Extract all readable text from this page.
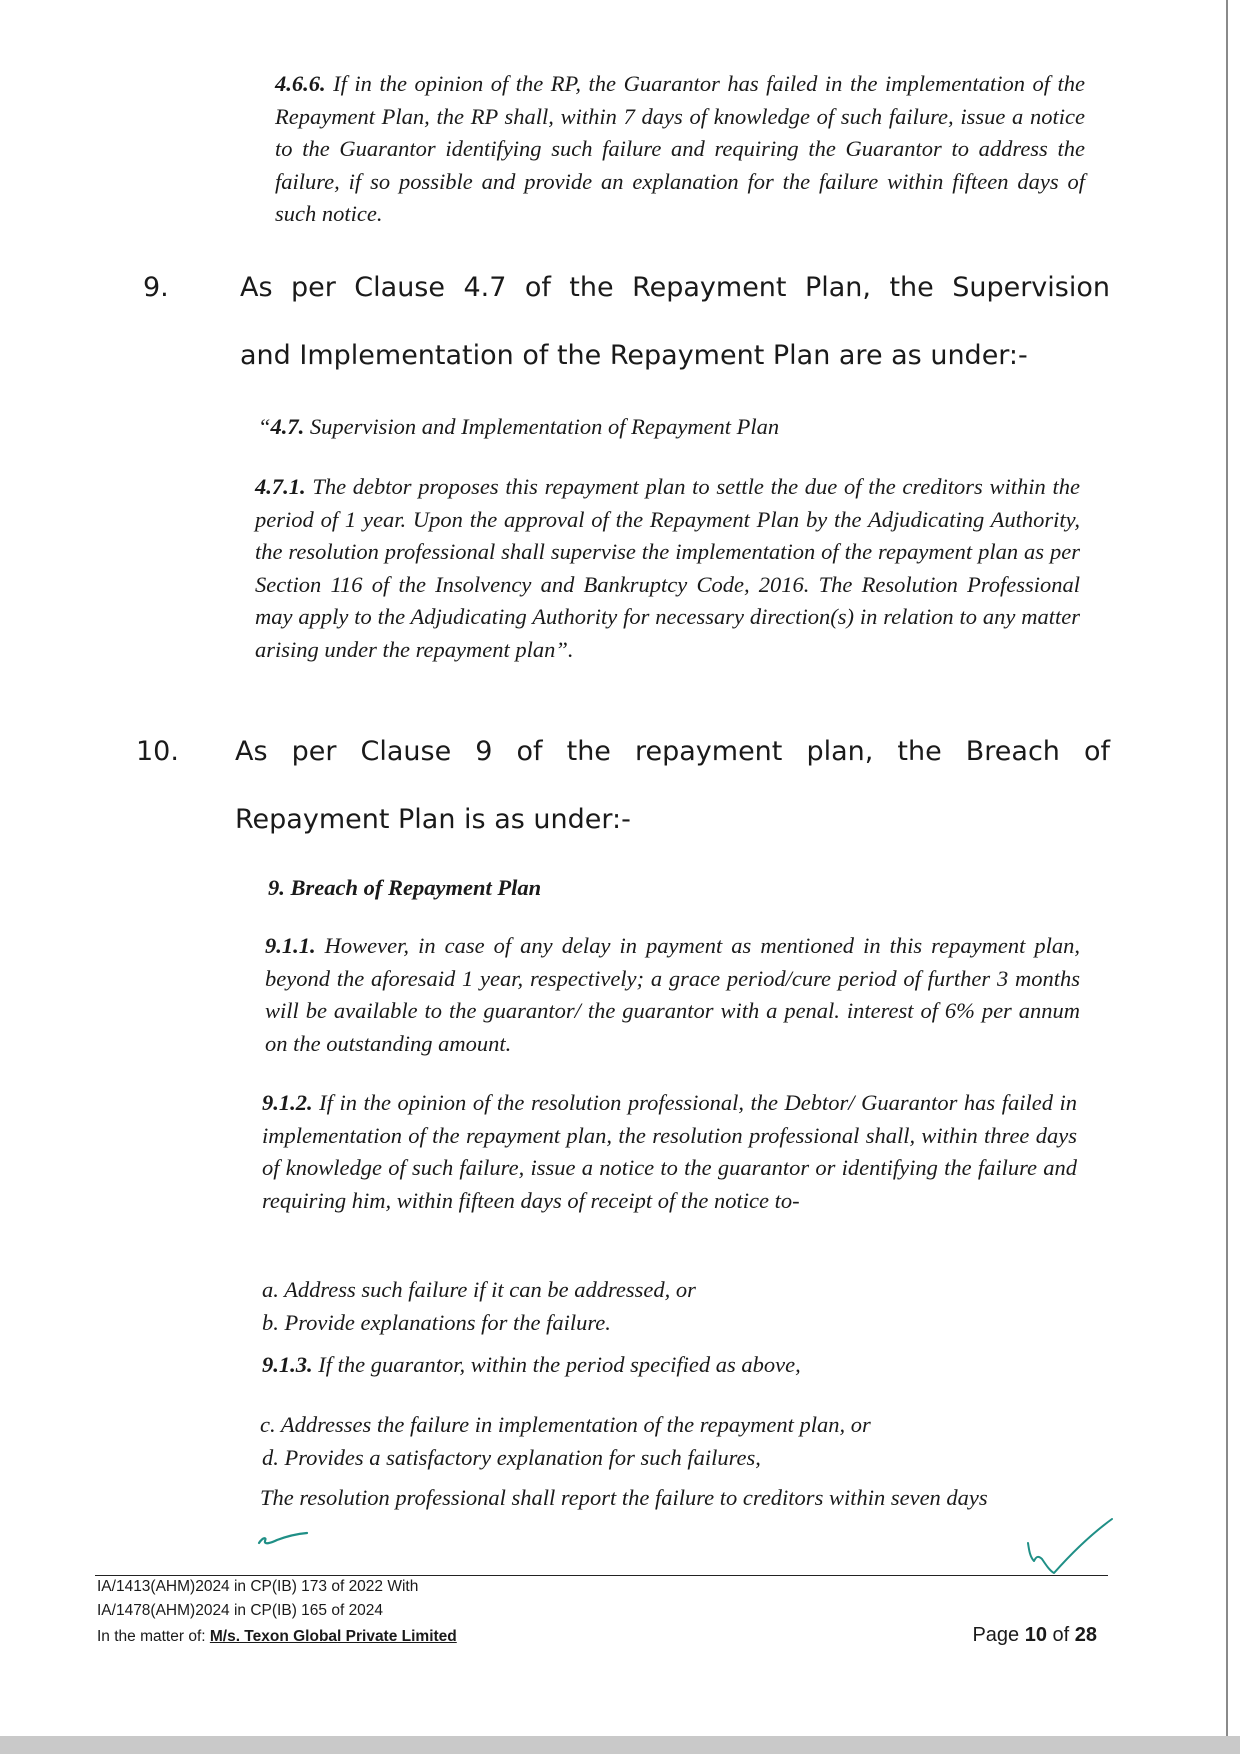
4.6.6. If in the opinion of the RP, the Guarantor has failed in the implementation of the Repayment Plan, the RP shall, within 7 days of knowledge of such failure, issue a notice to the Guarantor identifying such failure and requiring the Guarantor to address the failure, if so possible and provide an explanation for the failure within fifteen days of such notice.

9.	As per Clause 4.7 of the Repayment Plan, the Supervision

and Implementation of the Repayment Plan are as under:-

“4.7. Supervision and Implementation of Repayment Plan

4.7.1. The debtor proposes this repayment plan to settle the due of the creditors within the period of 1 year. Upon the approval of the Repayment Plan by the Adjudicating Authority, the resolution professional shall supervise the implementation of the repayment plan as per Section 116 of the Insolvency and Bankruptcy Code, 2016. The Resolution Professional may apply to the Adjudicating Authority for necessary direction(s) in relation to any matter arising under the repayment plan”.

10. As per Clause 9 of the repayment plan, the Breach of

Repayment Plan is as under:-

9. Breach of Repayment Plan

9.1.1. However, in case of any delay in payment as mentioned in this repayment plan, beyond the aforesaid 1 year, respectively; a grace period/cure period of further 3 months will be available to the guarantor/ the guarantor with a penal. interest of 6% per annum on the outstanding amount.

9.1.2. If in the opinion of the resolution professional, the Debtor/ Guarantor has failed in implementation of the repayment plan, the resolution professional shall, within three days of knowledge of such failure, issue a notice to the guarantor or identifying the failure and requiring him, within fifteen days of receipt of the notice to-

a. Address such failure if it can be addressed, or

b. Provide explanations for the failure.

9.1.3. If the guarantor, within the period specified as above,

c. Addresses the failure in implementation of the repayment plan, or

d. Provides a satisfactory explanation for such failures,

The resolution professional shall report the failure to creditors within seven days

IA/1413(AHM)2024 in CP(IB) 173 of 2022 With

IA/1478(AHM)2024 in CP(IB) 165 of 2024

In the matter of: M/s. Texon Global Private Limited	Page 10 of 28
